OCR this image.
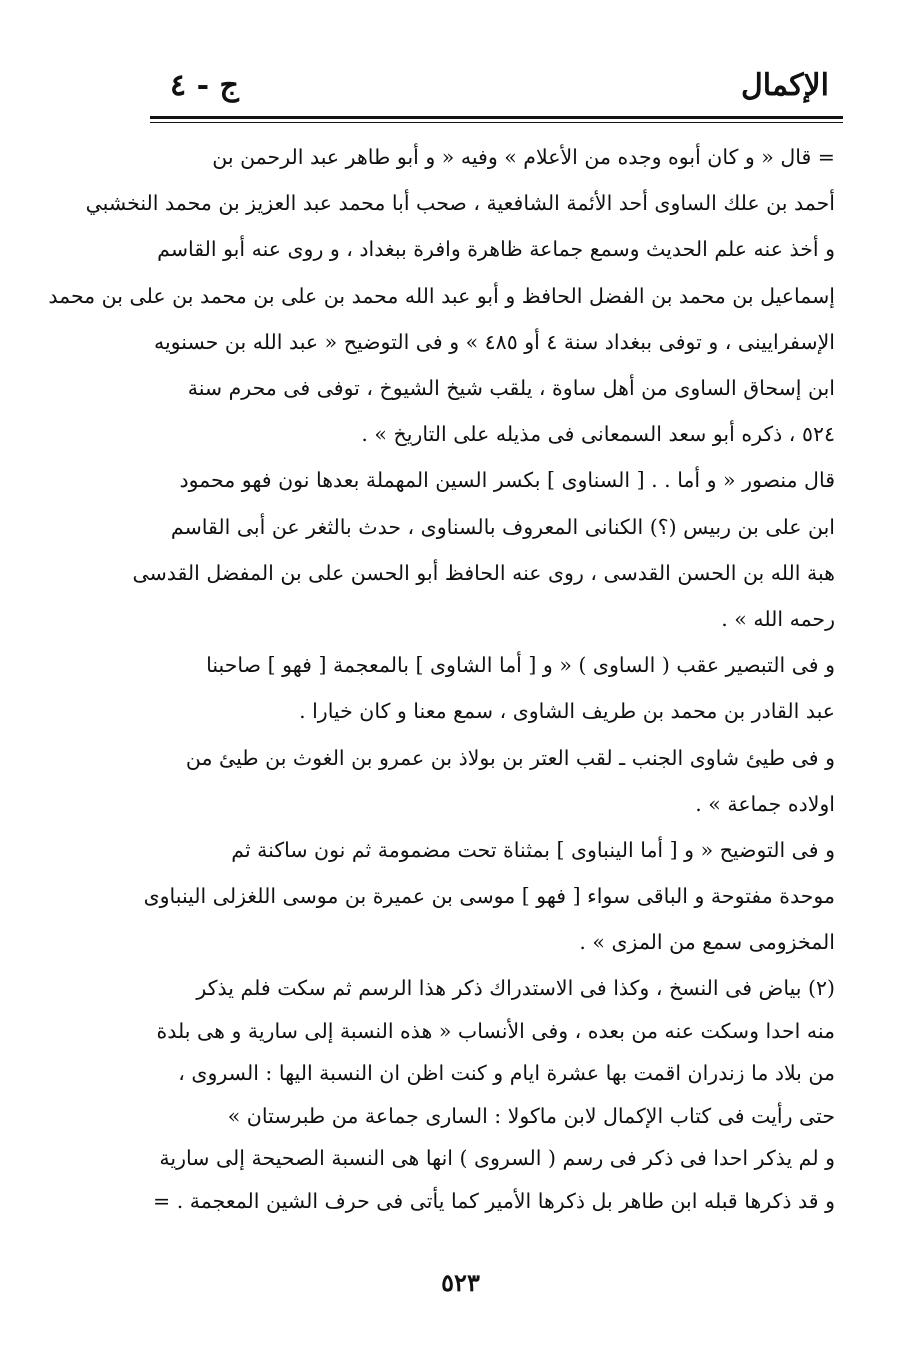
الإكمال
ج - ٤
= قال « و كان أبوه وجده من الأعلام » وفيه « و أبو طاهر عبد الرحمن بن
أحمد بن علك الساوى أحد الأئمة الشافعية ، صحب أبا محمد عبد العزيز بن محمد النخشبي
و أخذ عنه علم الحديث وسمع جماعة ظاهرة وافرة ببغداد ، و روى عنه أبو القاسم
إسماعيل بن محمد بن الفضل الحافظ و أبو عبد الله محمد بن على بن محمد بن على بن محمد
الإسفرايينى ، و توفى ببغداد سنة ٤ أو ٤٨٥ » و فى التوضيح « عبد الله بن حسنويه
ابن إسحاق الساوى من أهل ساوة ، يلقب شيخ الشيوخ ، توفى فى محرم سنة
٥٢٤ ، ذكره أبو سعد السمعانى فى مذيله على التاريخ » .
قال منصور « و أما . . [ السناوى ] بكسر السين المهملة بعدها نون فهو محمود
ابن على بن ربيس (؟) الكنانى المعروف بالسناوى ، حدث بالثغر عن أبى القاسم
هبة الله بن الحسن القدسى ، روى عنه الحافظ أبو الحسن على بن المفضل القدسى
رحمه الله » .
و فى التبصير عقب ( الساوى ) « و [ أما الشاوى ] بالمعجمة [ فهو ] صاحبنا
عبد القادر بن محمد بن طريف الشاوى ، سمع معنا و كان خيارا .
و فى طيئ شاوى الجنب ـ لقب العتر بن بولاذ بن عمرو بن الغوث بن طيئ من
اولاده جماعة » .
و فى التوضيح « و [ أما الينباوى ] بمثناة تحت مضمومة ثم نون ساكنة ثم
موحدة مفتوحة و الباقى سواء [ فهو ] موسى بن عميرة بن موسى اللغزلى الينباوى
المخزومى سمع من المزى » .
(٢) بياض فى النسخ ، وكذا فى الاستدراك ذكر هذا الرسم ثم سكت فلم يذكر
منه احدا وسكت عنه من بعده ، وفى الأنساب « هذه النسبة إلى سارية و هى بلدة
من بلاد ما زندران اقمت بها عشرة ايام و كنت اظن ان النسبة اليها : السروى ،
حتى رأيت فى كتاب الإكمال لابن ماكولا : السارى جماعة من طبرستان »
و لم يذكر احدا فى ذكر فى رسم ( السروى ) انها هى النسبة الصحيحة إلى سارية
و قد ذكرها قبله ابن طاهر بل ذكرها الأمير كما يأتى فى حرف الشين المعجمة . =
٥٢٣
